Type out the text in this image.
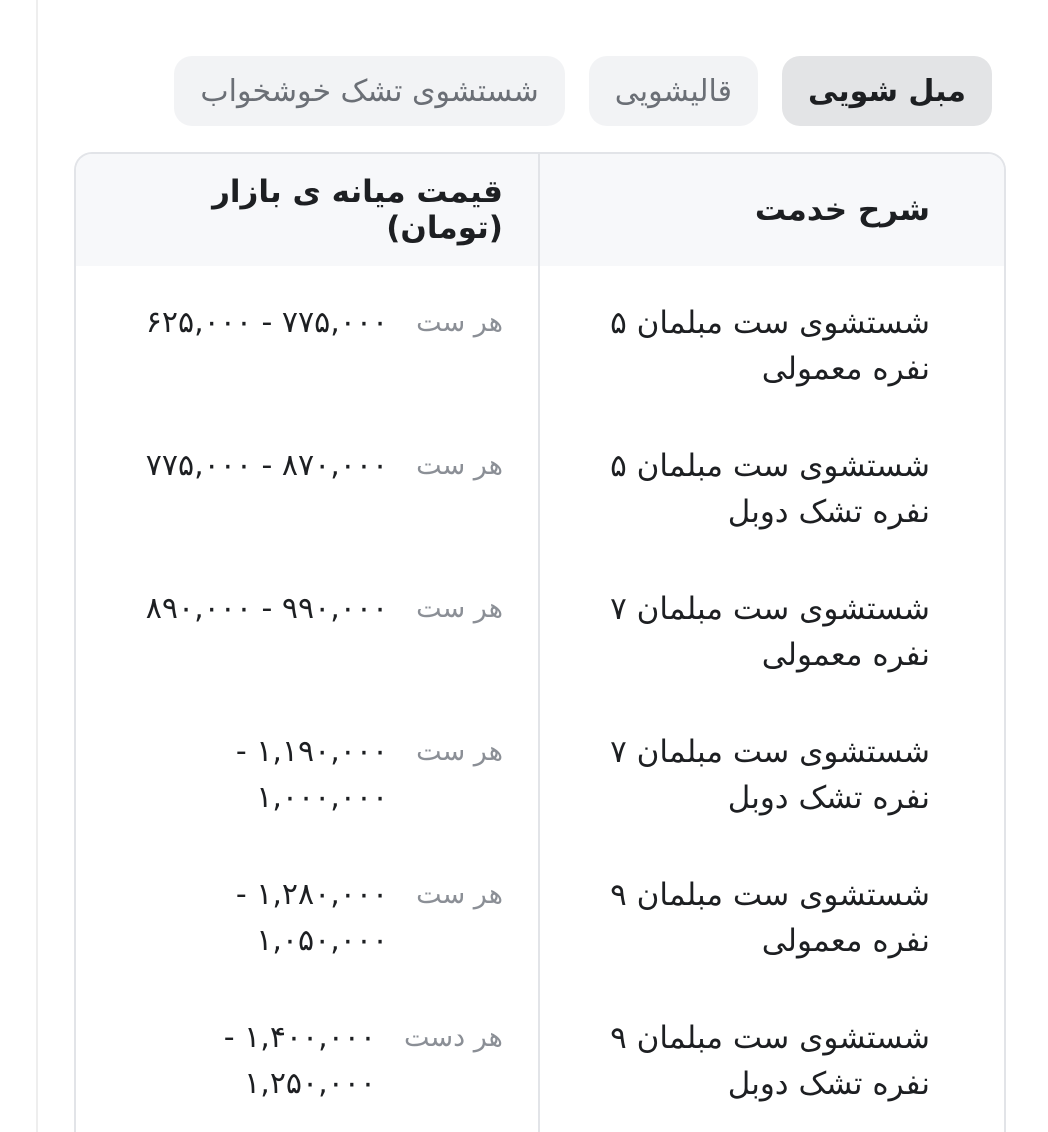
مبل شویی
قالیشویی
شستشوی تشک خوشخواب
شرح خدمت
قیمت میانه ی بازار (تومان)
شستشوی ست مبلمان ۵ نفره معمولی
هر ست
۷۷۵,۰۰۰ - ۶۲۵,۰۰۰
شستشوی ست مبلمان ۵ نفره تشک دوبل
هر ست
۸۷۰,۰۰۰ - ۷۷۵,۰۰۰
شستشوی ست مبلمان ۷ نفره معمولی
هر ست
۹۹۰,۰۰۰ - ۸۹۰,۰۰۰
شستشوی ست مبلمان ۷ نفره تشک دوبل
هر ست
۱,۱۹۰,۰۰۰ - ۱,۰۰۰,۰۰۰
شستشوی ست مبلمان ۹ نفره معمولی
هر ست
۱,۲۸۰,۰۰۰ - ۱,۰۵۰,۰۰۰
شستشوی ست مبلمان ۹ نفره تشک دوبل
هر دست
۱,۴۰۰,۰۰۰ - ۱,۲۵۰,۰۰۰
